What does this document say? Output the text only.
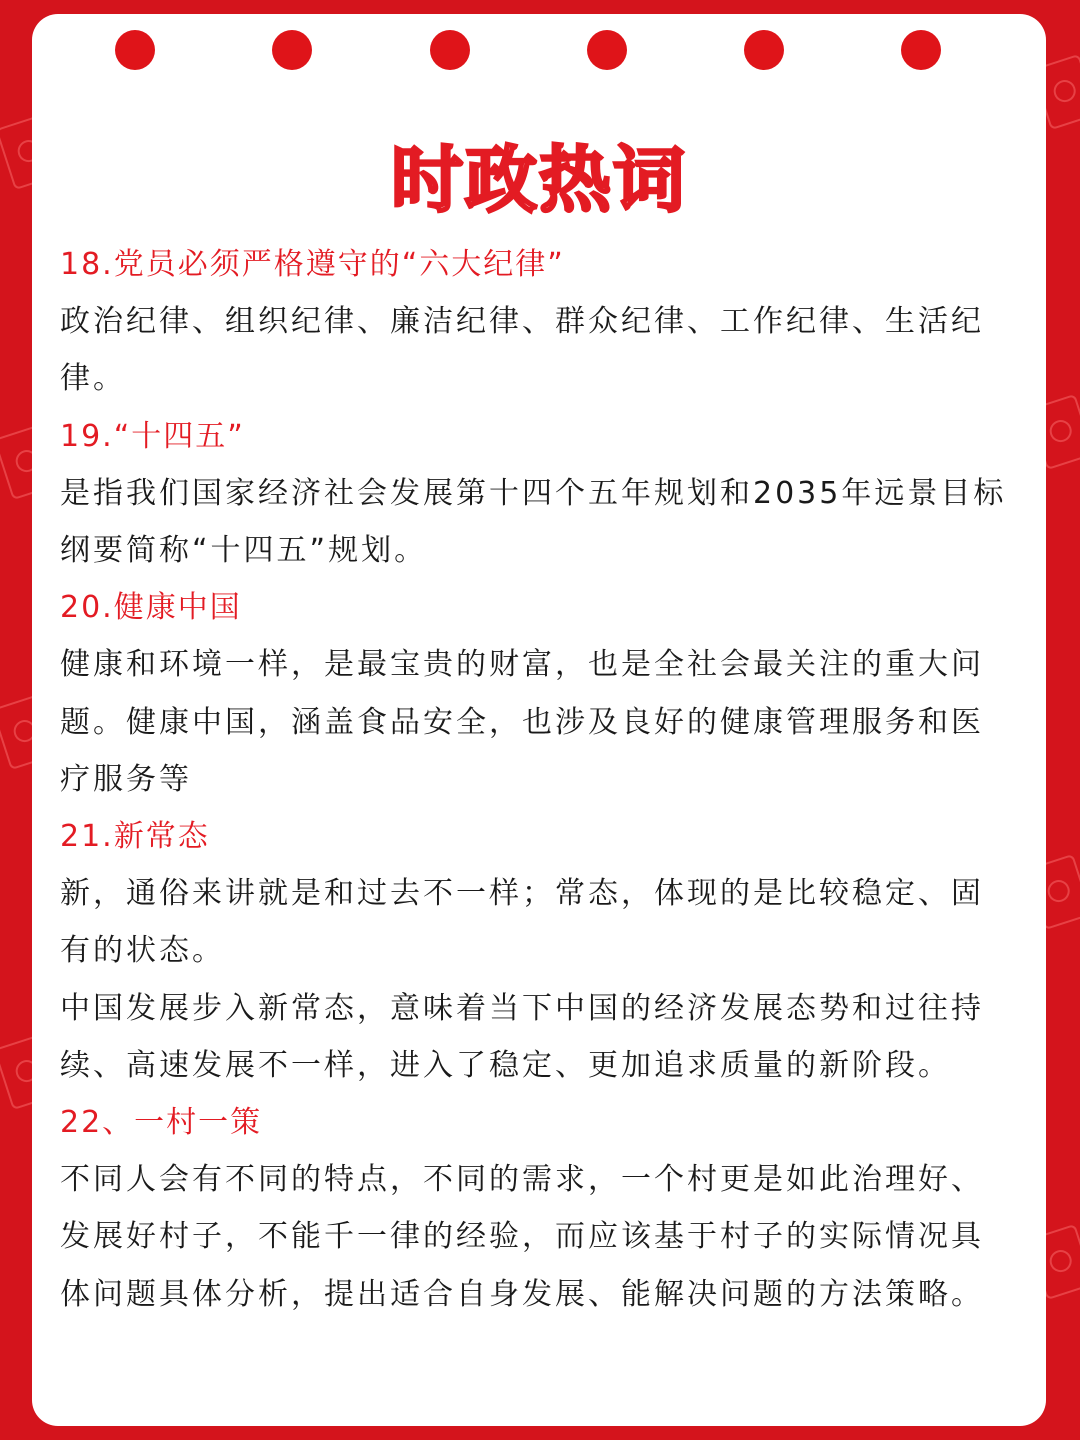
时政热词
18.党员必须严格遵守的“六大纪律”
政治纪律、组织纪律、廉洁纪律、群众纪律、工作纪律、生活纪
律。
19.“十四五”
是指我们国家经济社会发展第十四个五年规划和2035年远景目标
纲要简称“十四五”规划。
20.健康中国
健康和环境一样，是最宝贵的财富，也是全社会最关注的重大问
题。健康中国，涵盖食品安全，也涉及良好的健康管理服务和医
疗服务等
21.新常态
新，通俗来讲就是和过去不一样；常态，体现的是比较稳定、固
有的状态。
中国发展步入新常态，意味着当下中国的经济发展态势和过往持
续、高速发展不一样，进入了稳定、更加追求质量的新阶段。
22、一村一策
不同人会有不同的特点，不同的需求，一个村更是如此治理好、
发展好村子，不能千一律的经验，而应该基于村子的实际情况具
体问题具体分析，提出适合自身发展、能解决问题的方法策略。
